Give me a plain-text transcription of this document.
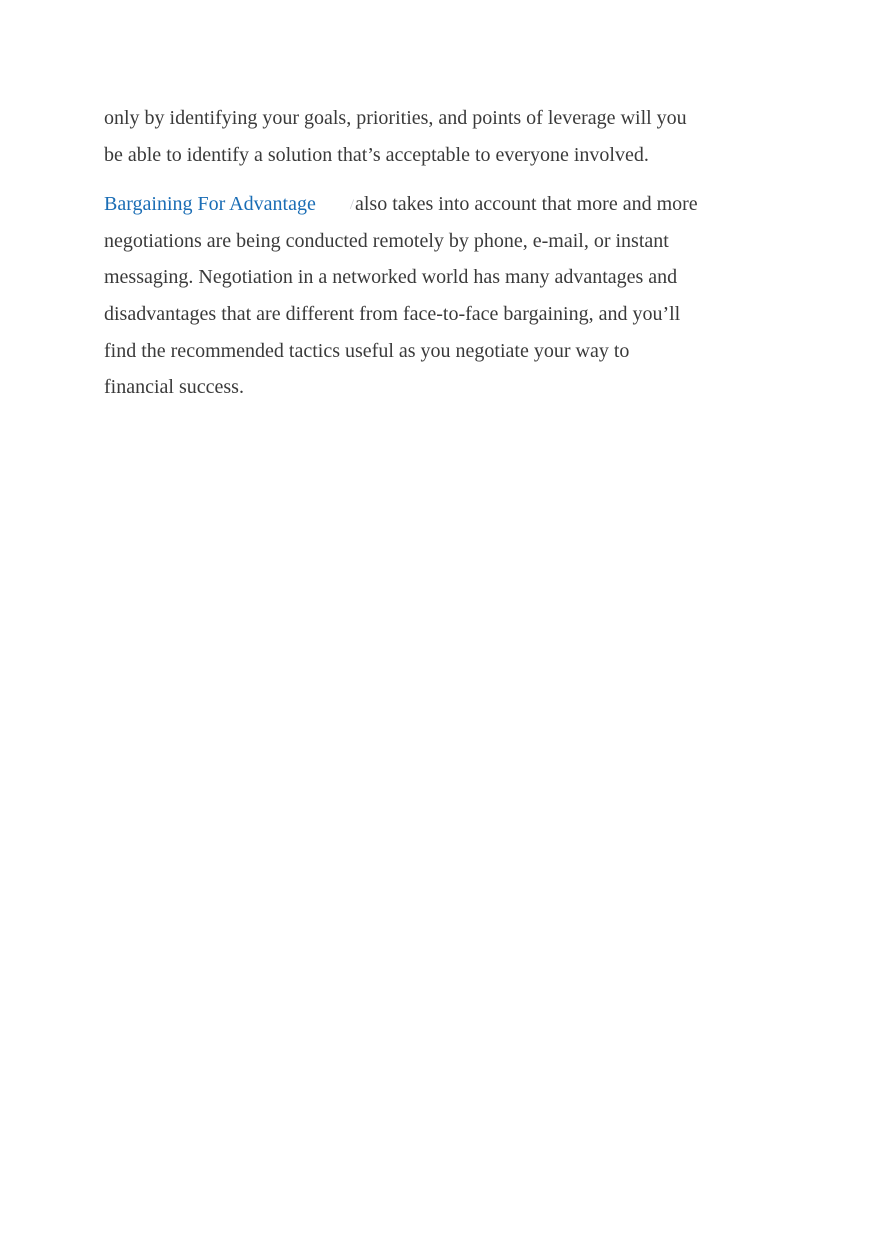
only by identifying your goals, priorities, and points of leverage will you
be able to identify a solution that’s acceptable to everyone involved.
Bargaining For Advantage /also takes into account that more and more
negotiations are being conducted remotely by phone, e-mail, or instant
messaging. Negotiation in a networked world has many advantages and
disadvantages that are different from face-to-face bargaining, and you’ll
find the recommended tactics useful as you negotiate your way to
financial success.
